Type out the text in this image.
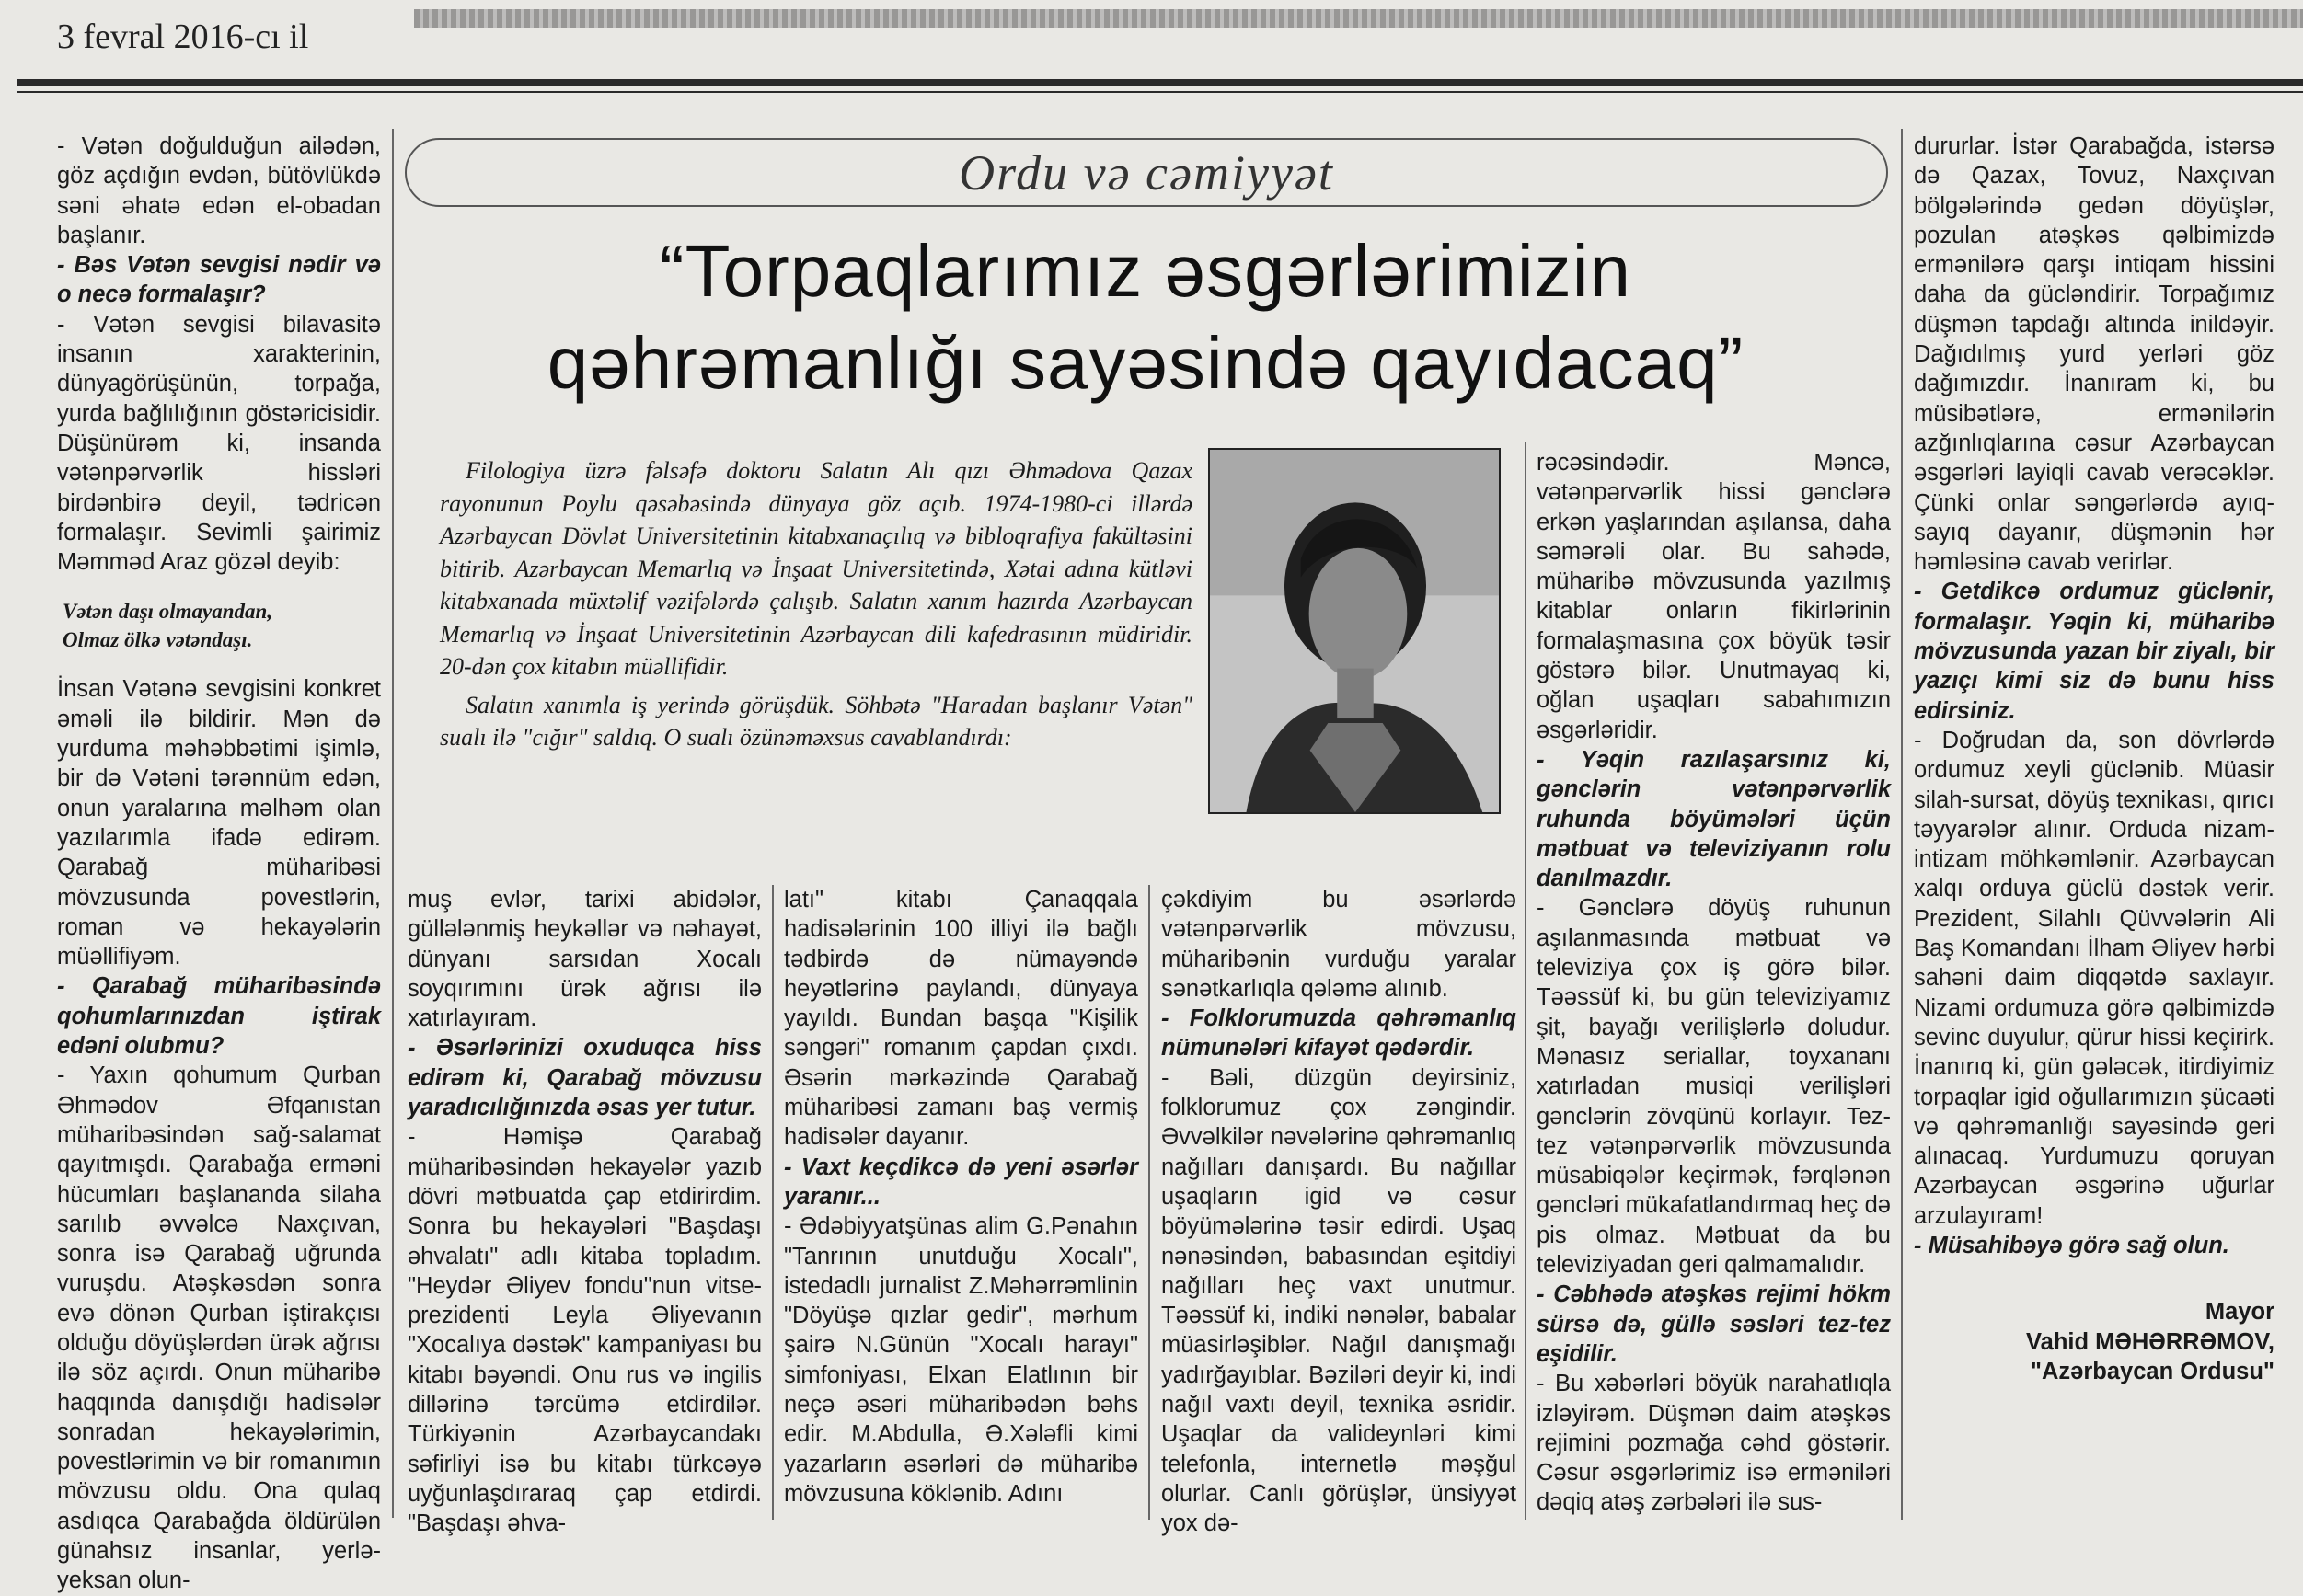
3 fevral 2016-cı il

- Vətən doğulduğun ailədən, göz açdığın evdən, bütövlükdə səni əhatə edən el-obadan başlanır.

- Bəs Vətən sevgisi nədir və o necə formalaşır?

- Vətən sevgisi bilavasitə insanın xarakterinin, dünyagörüşünün, torpağa, yurda bağlılığının göstəricisidir. Düşünürəm ki, insanda vətənpərvərlik hissləri birdənbirə deyil, tədricən formalaşır. Sevimli şairimiz Məmməd Araz gözəl deyib:

Vətən daşı olmayandan,

Olmaz ölkə vətəndaşı.

İnsan Vətənə sevgisini konkret əməli ilə bildirir. Mən də yurduma məhəbbətimi işimlə, bir də Vətəni tərənnüm edən, onun yaralarına məlhəm olan yazılarımla ifadə edirəm. Qarabağ müharibəsi mövzusunda povestlərin, roman və hekayələrin müəllifiyəm.

- Qarabağ müharibəsində qohumlarınızdan iştirak edəni olubmu?

- Yaxın qohumum Qurban Əhmədov Əfqanıstan müharibəsindən sağ-salamat qayıtmışdı. Qarabağa erməni hücumları başlananda silaha sarılıb əvvəlcə Naxçıvan, sonra isə Qarabağ uğrunda vuruşdu. Atəşkəsdən sonra evə dönən Qurban iştirakçısı olduğu döyüşlərdən ürək ağrısı ilə söz açırdı. Onun müharibə haqqında danışdığı hadisələr sonradan hekayələrimin, povestlərimin və bir romanımın mövzusu oldu. Ona qulaq asdıqca Qarabağda öldürülən günahsız insanlar, yerlə-yeksan olun-

Ordu və cəmiyyət
“Torpaqlarımız əsgərlərimizin
qəhrəmanlığı sayəsində qayıdacaq”

Filologiya üzrə fəlsəfə doktoru Salatın Alı qızı Əhmədova Qazax rayonunun Poylu qəsəbəsində dünyaya göz açıb. 1974-1980-ci illərdə Azərbaycan Dövlət Universitetinin kitabxanaçılıq və bibloqrafiya fakültəsini bitirib. Azərbaycan Memarlıq və İnşaat Universitetində, Xətai adına kütləvi kitabxanada müxtəlif vəzifələrdə çalışıb. Salatın xanım hazırda Azərbaycan Memarlıq və İnşaat Universitetinin Azərbaycan dili kafedrasının müdiridir. 20-dən çox kitabın müəllifidir.

Salatın xanımla iş yerində görüşdük. Söhbətə "Haradan başlanır Vətən" sualı ilə "cığır" saldıq. O sualı özünəməxsus cavablandırdı:

muş evlər, tarixi abidələr, güllələnmiş heykəllər və nəhayət, dünyanı sarsıdan Xocalı soyqırımını ürək ağrısı ilə xatırlayıram.

- Əsərlərinizi oxuduqca hiss edirəm ki, Qarabağ mövzusu yaradıcılığınızda əsas yer tutur.

- Həmişə Qarabağ müharibəsindən hekayələr yazıb dövri mətbuatda çap etdirirdim. Sonra bu hekayələri "Başdaşı əhvalatı" adlı kitaba topladım. "Heydər Əliyev fondu"nun vitse-prezidenti Leyla Əliyevanın "Xocalıya dəstək" kampaniyası bu kitabı bəyəndi. Onu rus və ingilis dillərinə tərcümə etdirdilər. Türkiyənin Azərbaycandakı səfirliyi isə bu kitabı türkcəyə uyğunlaşdıraraq çap etdirdi. "Başdaşı əhva-

latı" kitabı Çanaqqala hadisələrinin 100 illiyi ilə bağlı tədbirdə də nümayəndə heyətlərinə paylandı, dünyaya yayıldı. Bundan başqa "Kişilik səngəri" romanım çapdan çıxdı. Əsərin mərkəzində Qarabağ müharibəsi zamanı baş vermiş hadisələr dayanır.

- Vaxt keçdikcə də yeni əsərlər yaranır...

- Ədəbiyyatşünas alim G.Pənahın "Tanrının unutduğu Xocalı", istedadlı jurnalist Z.Məhərrəmlinin "Döyüşə qızlar gedir", mərhum şairə N.Günün "Xocalı harayı" simfoniyası, Elxan Elatlının bir neçə əsəri müharibədən bəhs edir. M.Abdulla, Ə.Xələfli kimi yazarların əsərləri də müharibə mövzusuna köklənib. Adını

çəkdiyim bu əsərlərdə vətənpərvərlik mövzusu, müharibənin vurduğu yaralar sənətkarlıqla qələmə alınıb.

- Folklorumuzda qəhrəmanlıq nümunələri kifayət qədərdir.

- Bəli, düzgün deyirsiniz, folklorumuz çox zəngindir. Əvvəlkilər nəvələrinə qəhrəmanlıq nağılları danışardı. Bu nağıllar uşaqların igid və cəsur böyümələrinə təsir edirdi. Uşaq nənəsindən, babasından eşitdiyi nağılları heç vaxt unutmur. Təəssüf ki, indiki nənələr, babalar müasirləşiblər. Nağıl danışmağı yadırğayıblar. Bəziləri deyir ki, indi nağıl vaxtı deyil, texnika əsridir. Uşaqlar da valideynləri kimi telefonla, internetlə məşğul olurlar. Canlı görüşlər, ünsiyyət yox də-

rəcəsindədir. Məncə, vətənpərvərlik hissi gənclərə erkən yaşlarından aşılansa, daha səmərəli olar. Bu sahədə, müharibə mövzusunda yazılmış kitablar onların fikirlərinin formalaşmasına çox böyük təsir göstərə bilər. Unutmayaq ki, oğlan uşaqları sabahımızın əsgərləridir.

- Yəqin razılaşarsınız ki, gənclərin vətənpərvərlik ruhunda böyümələri üçün mətbuat və televiziyanın rolu danılmazdır.

- Gənclərə döyüş ruhunun aşılanmasında mətbuat və televiziya çox iş görə bilər. Təəssüf ki, bu gün televiziyamız şit, bayağı verilişlərlə doludur. Mənasız seriallar, toyxananı xatırladan musiqi verilişləri gənclərin zövqünü korlayır. Tez-tez vətənpərvərlik mövzusunda müsabiqələr keçirmək, fərqlənən gəncləri mükafatlandırmaq heç də pis olmaz. Mətbuat da bu televiziyadan geri qalmamalıdır.

- Cəbhədə atəşkəs rejimi hökm sürsə də, güllə səsləri tez-tez eşidilir.

- Bu xəbərləri böyük narahatlıqla izləyirəm. Düşmən daim atəşkəs rejimini pozmağa cəhd göstərir. Cəsur əsgərlərimiz isə erməniləri dəqiq atəş zərbələri ilə sus-

dururlar. İstər Qarabağda, istərsə də Qazax, Tovuz, Naxçıvan bölgələrində gedən döyüşlər, pozulan atəşkəs qəlbimizdə ermənilərə qarşı intiqam hissini daha da gücləndirir. Torpağımız düşmən tapdağı altında inildəyir. Dağıdılmış yurd yerləri göz dağımızdır. İnanıram ki, bu müsibətlərə, ermənilərin azğınlıqlarına cəsur Azərbaycan əsgərləri layiqli cavab verəcəklər. Çünki onlar səngərlərdə ayıq-sayıq dayanır, düşmənin hər həmləsinə cavab verirlər.

- Getdikcə ordumuz güclənir, formalaşır. Yəqin ki, müharibə mövzusunda yazan bir ziyalı, bir yazıçı kimi siz də bunu hiss edirsiniz.

- Doğrudan da, son dövrlərdə ordumuz xeyli güclənib. Müasir silah-sursat, döyüş texnikası, qırıcı təyyarələr alınır. Orduda nizam-intizam möhkəmlənir. Azərbaycan xalqı orduya güclü dəstək verir. Prezident, Silahlı Qüvvələrin Ali Baş Komandanı İlham Əliyev hərbi sahəni daim diqqətdə saxlayır. Nizami ordumuza görə qəlbimizdə sevinc duyulur, qürur hissi keçirirk. İnanırıq ki, gün gələcək, itirdiyimiz torpaqlar igid oğullarımızın şücaəti və qəhrəmanlığı sayəsində geri alınacaq. Yurdumuzu qoruyan Azərbaycan əsgərinə uğurlar arzulayıram!

- Müsahibəyə görə sağ olun.

Mayor

Vahid MƏHƏRRƏMOV,

"Azərbaycan Ordusu"
